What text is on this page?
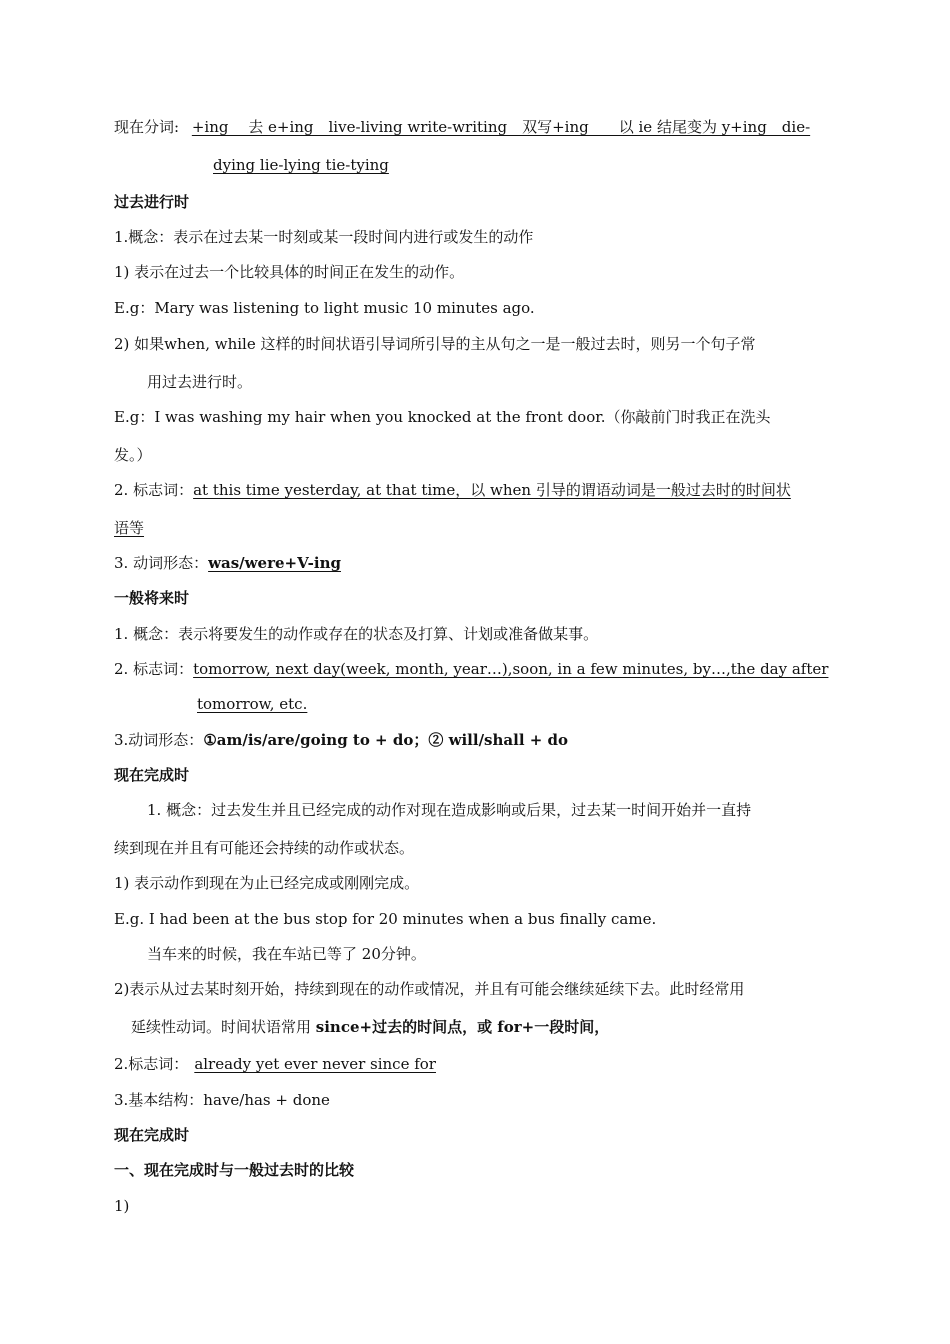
现在分词: +ing　 去 e+ing　live-living write-writing　双写+ing　　以 ie 结尾变为 y+ing　die-
dying lie-lying tie-tying
过去进行时
1.概念：表示在过去某一时刻或某一段时间内进行或发生的动作
1) 表示在过去一个比较具体的时间正在发生的动作。
E.g：Mary was listening to light music 10 minutes ago.
2) 如果when, while 这样的时间状语引导词所引导的主从句之一是一般过去时，则另一个句子常
用过去进行时。
E.g：I was washing my hair when you knocked at the front door.（你敲前门时我正在洗头
发。）
2. 标志词：at this time yesterday, at that time，以 when 引导的谓语动词是一般过去时的时间状
语等
3. 动词形态：was/were+V-ing
一般将来时
1. 概念：表示将要发生的动作或存在的状态及打算、计划或准备做某事。
2. 标志词：tomorrow, next day(week, month, year…),soon, in a few minutes, by…,the day after
tomorrow, etc.
3.动词形态：①am/is/are/going to + do；② will/shall + do
现在完成时
1. 概念：过去发生并且已经完成的动作对现在造成影响或后果，过去某一时间开始并一直持
续到现在并且有可能还会持续的动作或状态。
1) 表示动作到现在为止已经完成或刚刚完成。
E.g. I had been at the bus stop for 20 minutes when a bus finally came.
当车来的时候，我在车站已等了 20分钟。
2)表示从过去某时刻开始，持续到现在的动作或情况，并且有可能会继续延续下去。此时经常用
延续性动词。时间状语常用 since+过去的时间点，或 for+一段时间，
2.标志词： already yet ever never since for
3.基本结构：have/has + done
现在完成时
一、现在完成时与一般过去时的比较
1)
